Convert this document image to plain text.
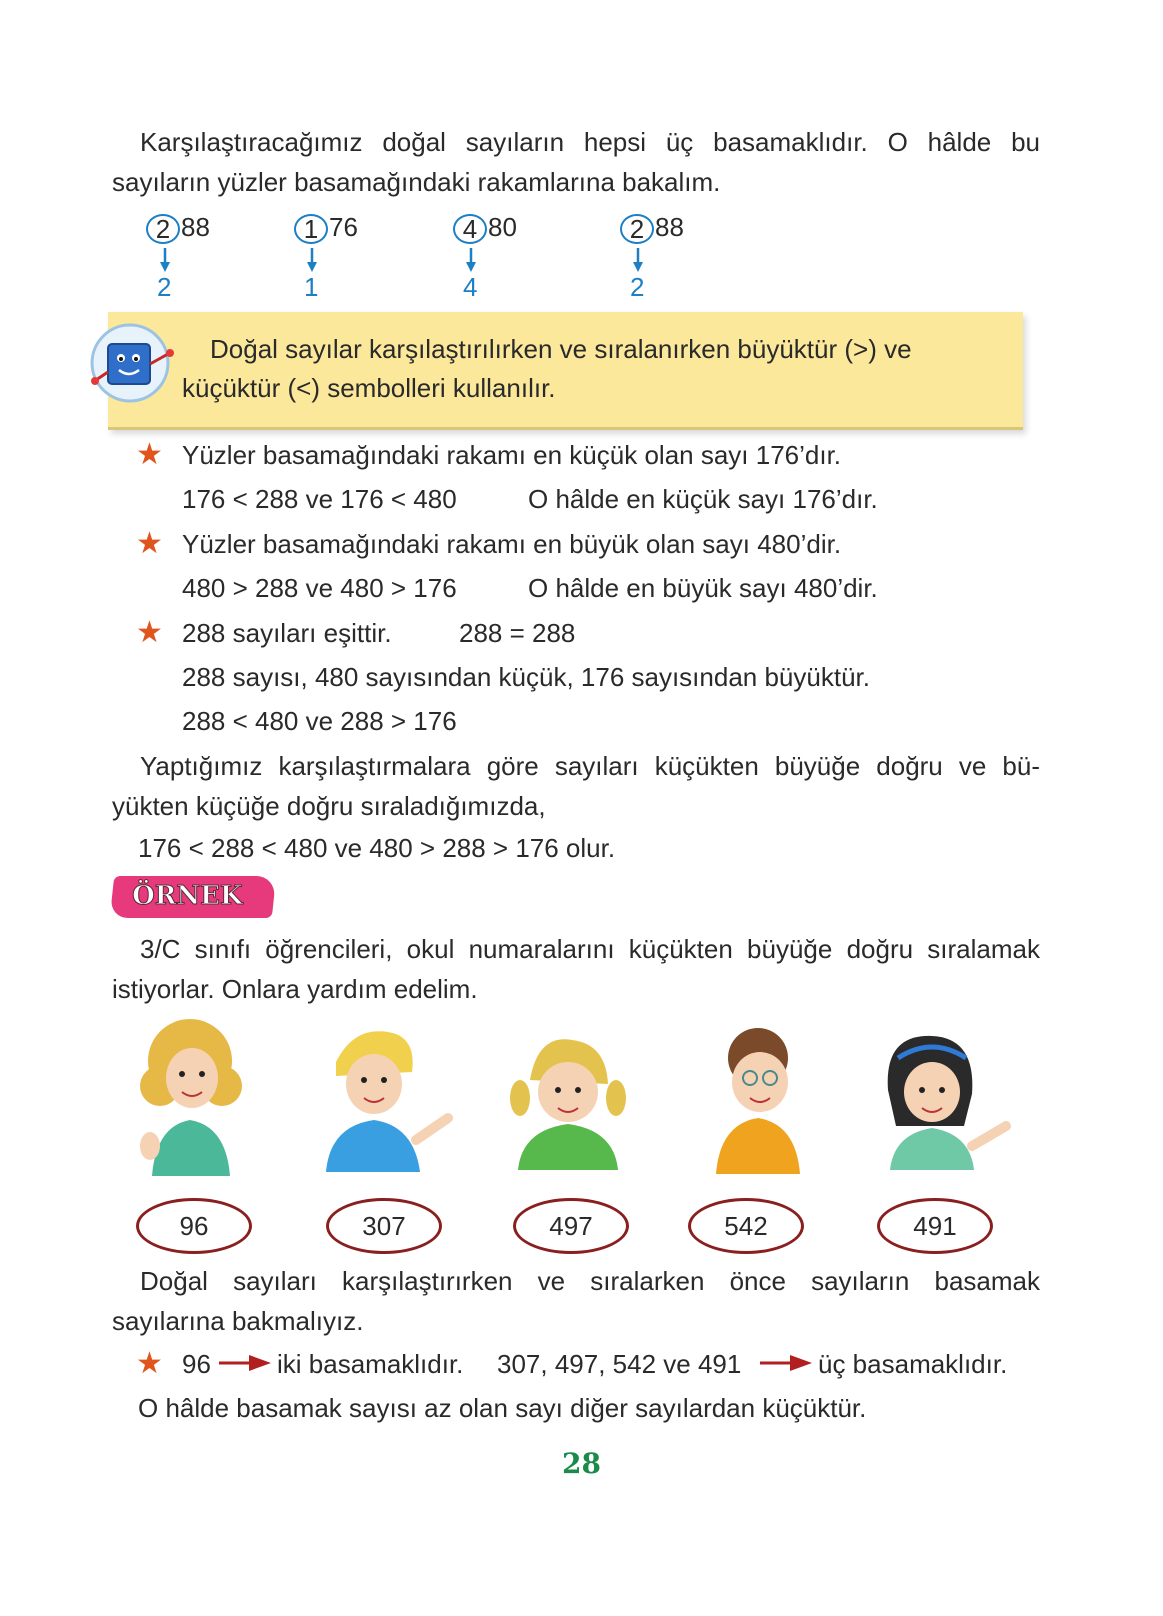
Karşılaştıracağımız doğal sayıların hepsi üç basamaklıdır. O hâlde bu
sayıların yüzler basamağındaki rakamlarına bakalım.
2 88	1 76	4 80	2 88
2	1	4	2
Doğal sayılar karşılaştırılırken ve sıralanırken büyüktür (>) ve
küçüktür (<) sembolleri kullanılır.
★ Yüzler basamağındaki rakamı en küçük olan sayı 176’dır.
176 < 288 ve 176 < 480	O hâlde en küçük sayı 176’dır.
★ Yüzler basamağındaki rakamı en büyük olan sayı 480’dir.
480 > 288 ve 480 > 176	O hâlde en büyük sayı 480’dir.
★ 288 sayıları eşittir.	288 = 288
288 sayısı, 480 sayısından küçük, 176 sayısından büyüktür.
288 < 480 ve 288 > 176
Yaptığımız karşılaştırmalara göre sayıları küçükten büyüğe doğru ve bü-
yükten küçüğe doğru sıraladığımızda,
176 < 288 < 480 ve 480 > 288 > 176 olur.
ÖRNEK
3/C sınıfı öğrencileri, okul numaralarını küçükten büyüğe doğru sıralamak
istiyorlar. Onlara yardım edelim.
96	307	497	542	491
Doğal sayıları karşılaştırırken ve sıralarken önce sayıların basamak
sayılarına bakmalıyız.
★ 96	iki basamaklıdır. 307, 497, 542 ve 491	üç basamaklıdır.
O hâlde basamak sayısı az olan sayı diğer sayılardan küçüktür.
28
